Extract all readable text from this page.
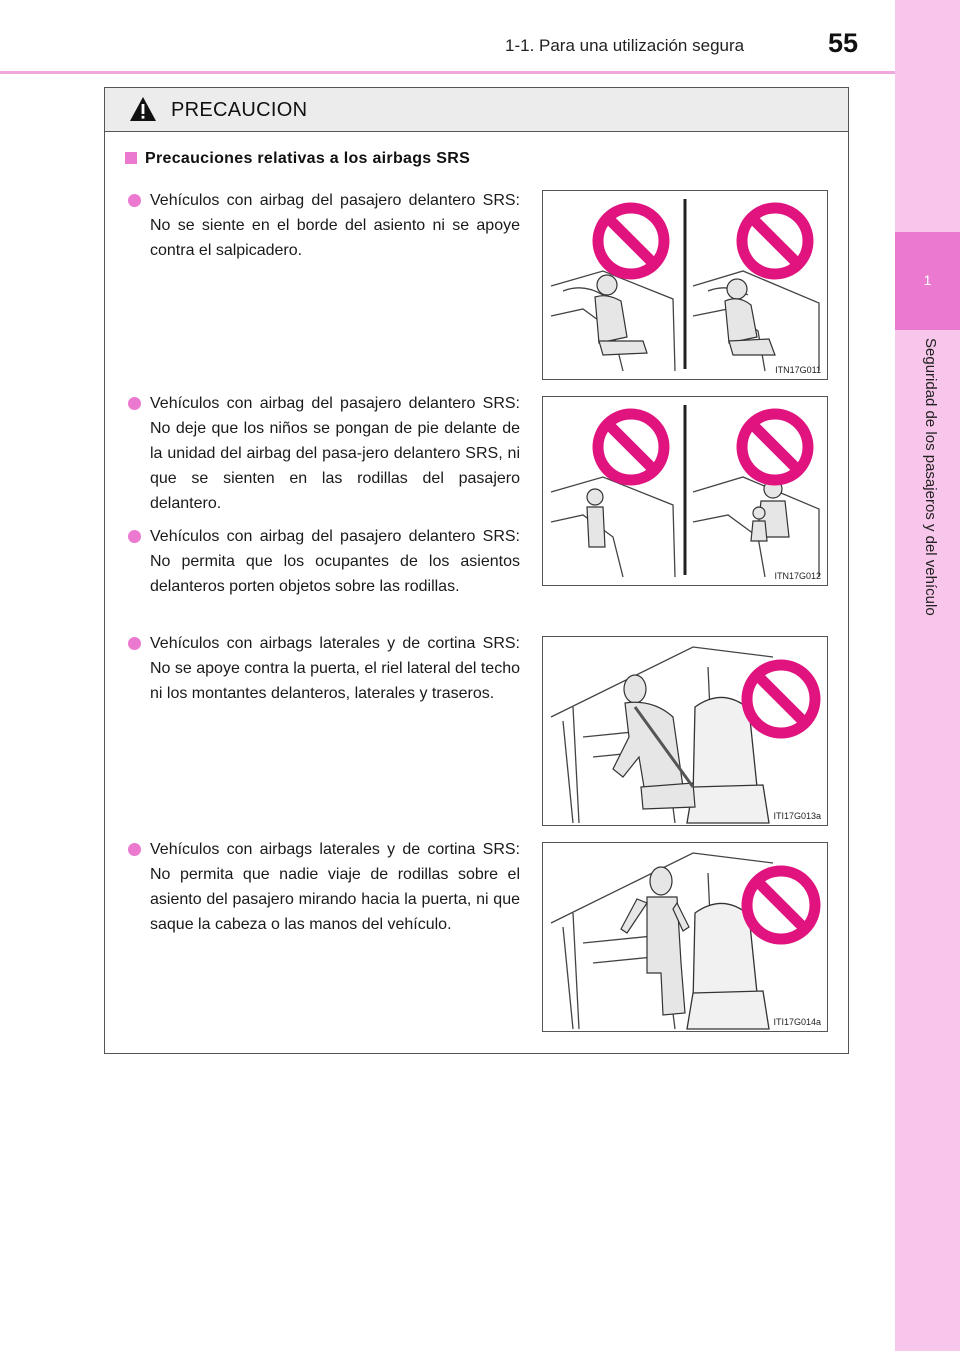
1-1. Para una utilización segura	55
1
Seguridad de los pasajeros y del vehículo
PRECAUCION
Precauciones relativas a los airbags SRS
Vehículos con airbag del pasajero delantero SRS: No se siente en el borde del asiento ni se apoye contra el salpicadero.
Vehículos con airbag del pasajero delantero SRS: No deje que los niños se pongan de pie delante de la unidad del airbag del pasa-jero delantero SRS, ni que se sienten en las rodillas del pasajero delantero.
Vehículos con airbag del pasajero delantero SRS: No permita que los ocupantes de los asientos delanteros porten objetos sobre las rodillas.
Vehículos con airbags laterales y de cortina SRS: No se apoye contra la puerta, el riel lateral del techo ni los montantes delanteros, laterales y traseros.
Vehículos con airbags laterales y de cortina SRS: No permita que nadie viaje de rodillas sobre el asiento del pasajero mirando hacia la puerta, ni que saque la cabeza o las manos del vehículo.
ITN17G011
ITN17G012
ITI17G013a
ITI17G014a
